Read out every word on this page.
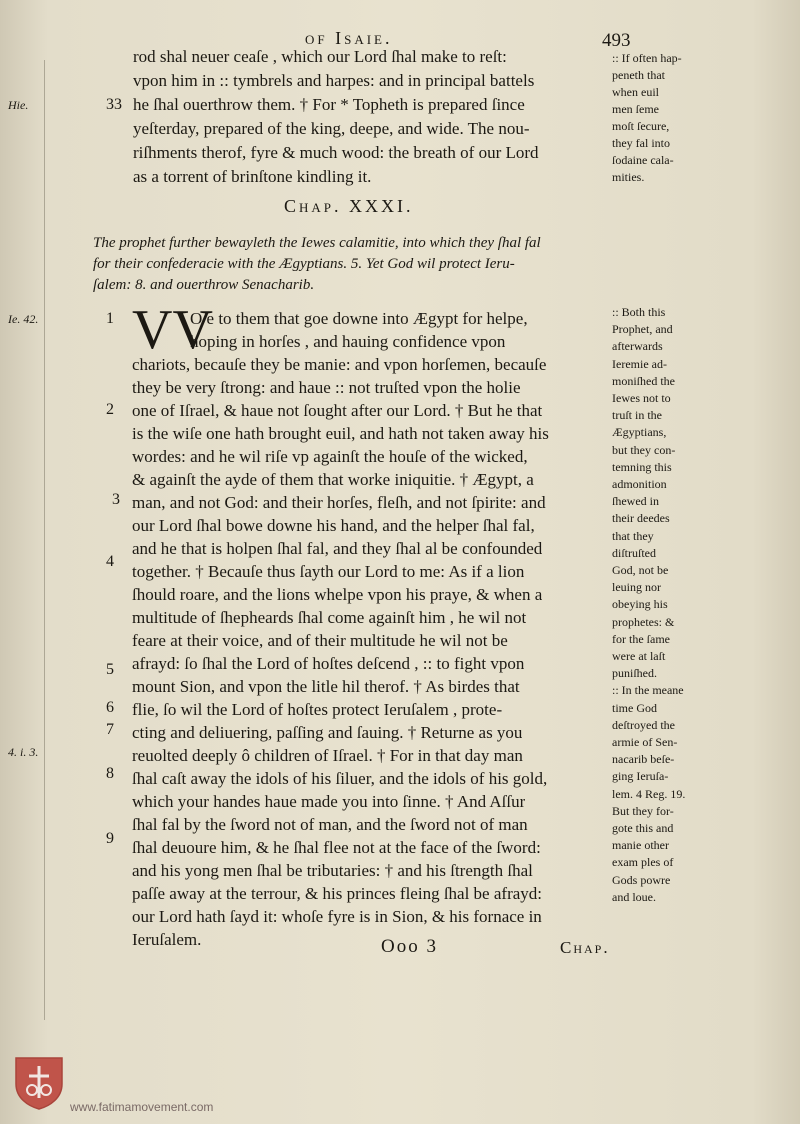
of Isaie.	493
rod shal neuer ceaſe , which our Lord ſhal make to reſt:
vpon him in :: tymbrels and harpes: and in principal battels
he ſhal ouerthrow them. † For * Topheth is prepared ſince
yeſterday, prepared of the king, deepe, and wide. The nou-
riſhments therof, fyre & much wood: the breath of our Lord
as a torrent of brinſtone kindling it.
Hie.	33
:: If often hap-
peneth that
when euil
men ſeme
moſt ſecure,
they fal into
ſodaine cala-
mities.
Chap. XXXI.
The prophet further bewayleth the Iewes calamitie, into which they ſhal fal
for their confederacie with the Ægyptians. 5. Yet God wil protect Ieru-
ſalem: 8. and ouerthrow Senacharib.
VV
Ie. 42.
4. i. 3.
1
2
3
4
5
6
7
8
9
O e to them that goe downe into Ægypt for helpe,
hoping in horſes , and hauing confidence vpon
chariots, becauſe they be manie: and vpon horſemen, becauſe
they be very ſtrong: and haue :: not truſted vpon the holie
one of Iſrael, & haue not ſought after our Lord. † But he that
is the wiſe one hath brought euil, and hath not taken away his
wordes: and he wil riſe vp againſt the houſe of the wicked,
& againſt the ayde of them that worke iniquitie. † Ægypt, a
man, and not God: and their horſes, fleſh, and not ſpirite: and
our Lord ſhal bowe downe his hand, and the helper ſhal fal,
and he that is holpen ſhal fal, and they ſhal al be confounded
together. † Becauſe thus ſayth our Lord to me: As if a lion
ſhould roare, and the lions whelpe vpon his praye, & when a
multitude of ſhepheards ſhal come againſt him , he wil not
feare at their voice, and of their multitude he wil not be
afrayd: ſo ſhal the Lord of hoſtes deſcend , :: to fight vpon
mount Sion, and vpon the litle hil therof. † As birdes that
flie, ſo wil the Lord of hoſtes protect Ieruſalem , prote-
cting and deliuering, paſſing and ſauing. † Returne as you
reuolted deeply ô children of Iſrael. † For in that day man
ſhal caſt away the idols of his ſiluer, and the idols of his gold,
which your handes haue made you into ſinne. † And Aſſur
ſhal fal by the ſword not of man, and the ſword not of man
ſhal deuoure him, & he ſhal flee not at the face of the ſword:
and his yong men ſhal be tributaries: † and his ſtrength ſhal
paſſe away at the terrour, & his princes fleing ſhal be afrayd:
our Lord hath ſayd it: whoſe fyre is in Sion, & his fornace in
Ieruſalem.
:: Both this
Prophet, and
afterwards
Ieremie ad-
moniſhed the
Iewes not to
truſt in the
Ægyptians,
but they con-
temning this
admonition
ſhewed in
their deedes
that they
diſtruſted
God, not be
leuing nor
obeying his
prophetes: &
for the ſame
were at laſt
puniſhed.
:: In the meane
time God
deſtroyed the
armie of Sen-
nacarib beſe-
ging Ieruſa-
lem. 4 Reg. 19.
But they for-
gote this and
manie other
exam ples of
Gods powre
and loue.
Ooo 3	Chap.
www.fatimamovement.com
